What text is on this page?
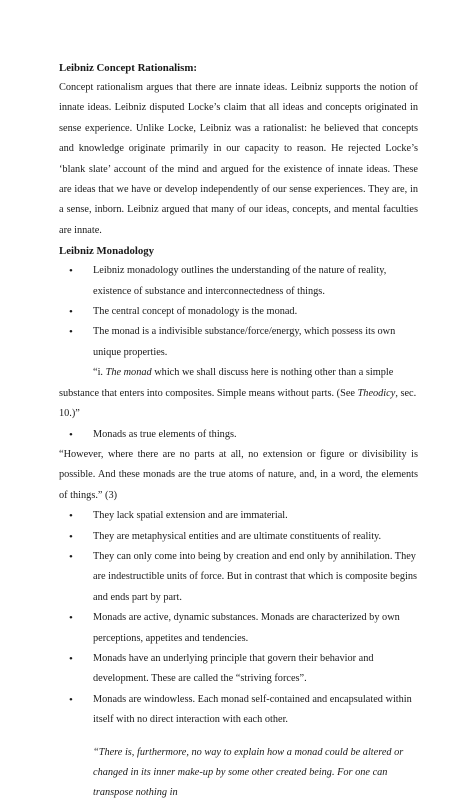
Leibniz Concept Rationalism:

Concept rationalism argues that there are innate ideas. Leibniz supports the notion of innate ideas. Leibniz disputed Locke’s claim that all ideas and concepts originated in sense experience. Unlike Locke, Leibniz was a rationalist: he believed that concepts and knowledge originate primarily in our capacity to reason. He rejected Locke’s ‘blank slate’ account of the mind and argued for the existence of innate ideas. These are ideas that we have or develop independently of our sense experiences. They are, in a sense, inborn. Leibniz argued that many of our ideas, concepts, and mental faculties are innate.

Leibniz Monadology

• Leibniz monadology outlines the understanding of the nature of reality, existence of substance and interconnectedness of things.
• The central concept of monadology is the monad.
• The monad is a indivisible substance/force/energy, which possess its own unique properties.

“i. The monad which we shall discuss here is nothing other than a simple substance that enters into composites. Simple means without parts. (See Theodicy, sec. 10.)”

• Monads as true elements of things.

“However, where there are no parts at all, no extension or figure or divisibility is possible. And these monads are the true atoms of nature, and, in a word, the elements of things.” (3)

• They lack spatial extension and are immaterial.
• They are metaphysical entities and are ultimate constituents of reality.
• They can only come into being by creation and end only by annihilation. They are indestructible units of force. But in contrast that which is composite begins and ends part by part.
• Monads are active, dynamic substances. Monads are characterized by own perceptions, appetites and tendencies.
• Monads have an underlying principle that govern their behavior and development. These are called the “striving forces”.
• Monads are windowless. Each monad self-contained and encapsulated within itself with no direct interaction with each other.

“There is, furthermore, no way to explain how a monad could be altered or changed in its inner make-up by some other created being. For one can transpose nothing in
